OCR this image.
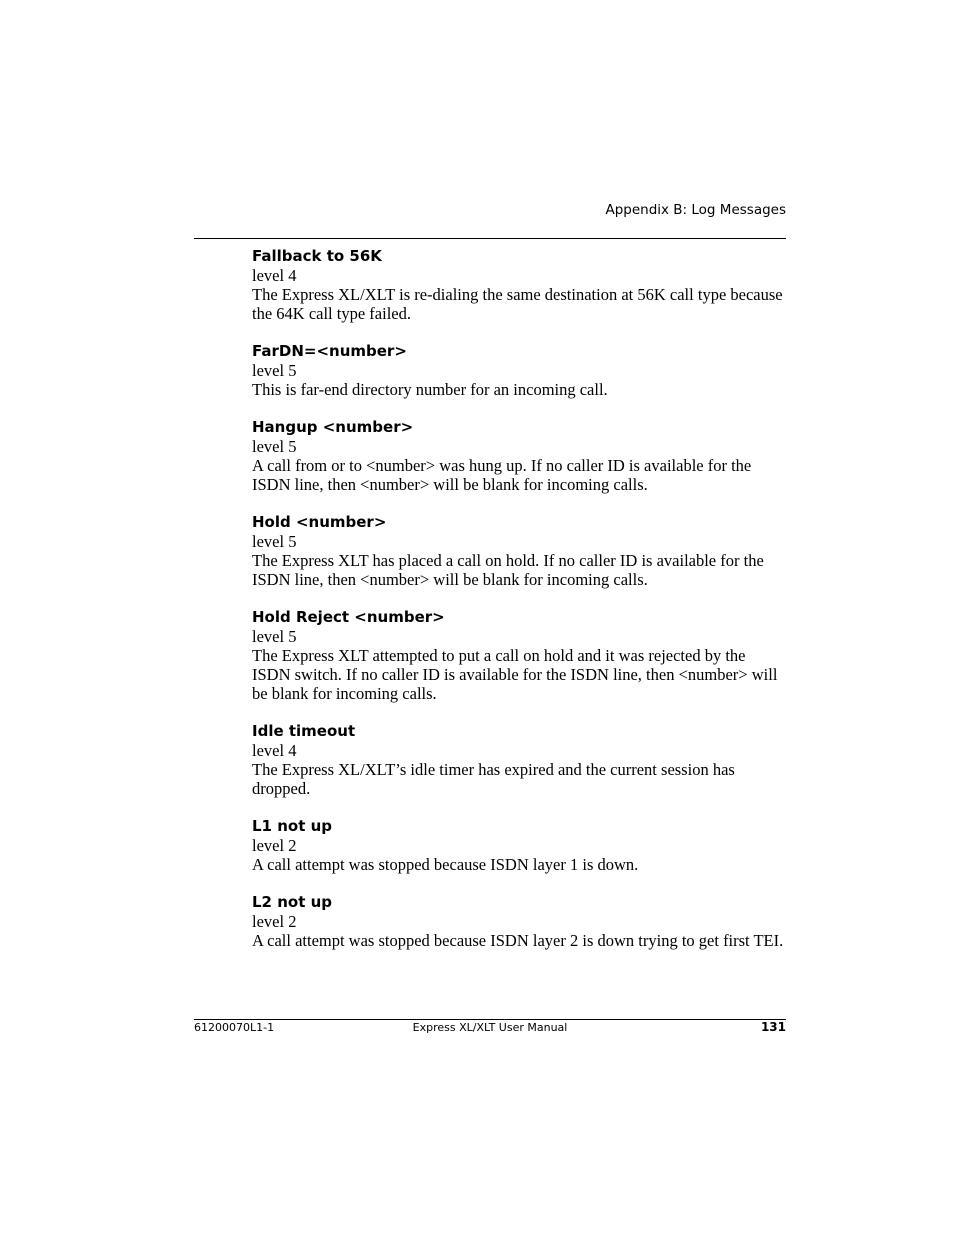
Appendix B: Log Messages
Fallback to 56K
level 4
The Express XL/XLT is re-dialing the same destination at 56K call type because the 64K call type failed.
FarDN=<number>
level 5
This is far-end directory number for an incoming call.
Hangup <number>
level 5
A call from or to <number> was hung up. If no caller ID is available for the ISDN line, then <number> will be blank for incoming calls.
Hold <number>
level 5
The Express XLT has placed a call on hold. If no caller ID is available for the ISDN line, then <number> will be blank for incoming calls.
Hold Reject <number>
level 5
The Express XLT attempted to put a call on hold and it was rejected by the ISDN switch. If no caller ID is available for the ISDN line, then <number> will be blank for incoming calls.
Idle timeout
level 4
The Express XL/XLT’s idle timer has expired and the current session has dropped.
L1 not up
level 2
A call attempt was stopped because ISDN layer 1 is down.
L2 not up
level 2
A call attempt was stopped because ISDN layer 2 is down trying to get first TEI.
61200070L1-1	Express XL/XLT User Manual	131
